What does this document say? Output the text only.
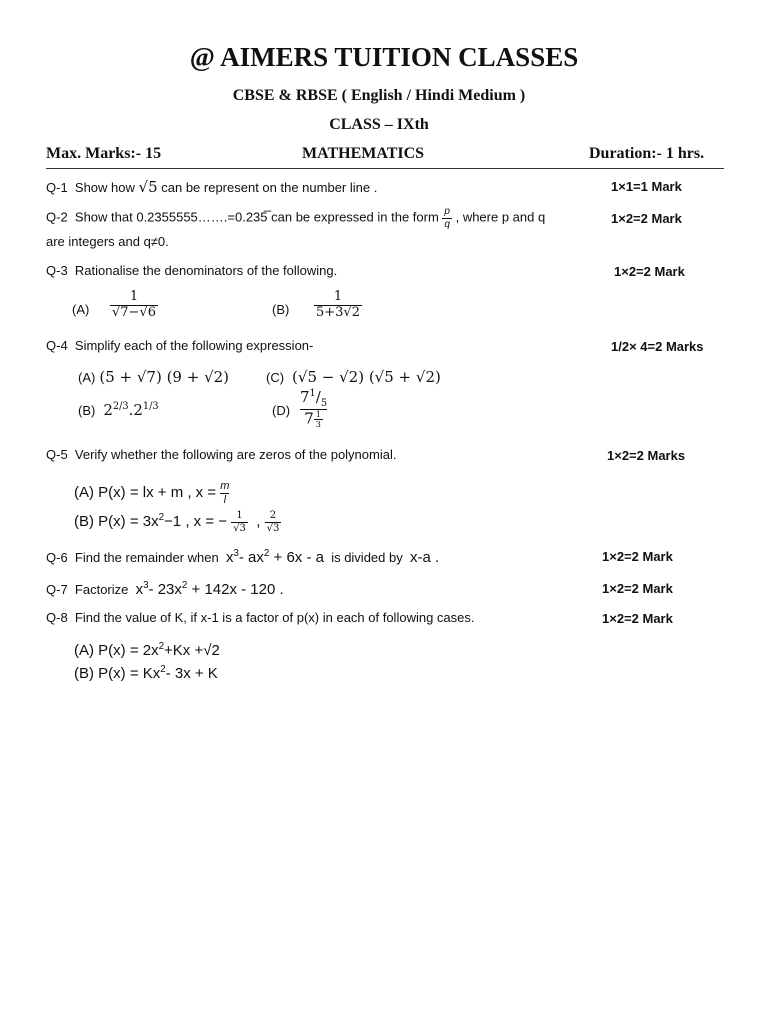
@ AIMERS TUITION CLASSES
CBSE & RBSE ( English / Hindi Medium )
CLASS – IXth
Max. Marks:- 15	MATHEMATICS	Duration:- 1 hrs.
Q-1 Show how √5 can be represent on the number line .	1×1=1 Mark
Q-2 Show that 0.2355555…….=0.235̅ can be expressed in the form $\frac{p}{q}$ , where p and q
are integers and q≠0.
1×2=2 Mark
Q-3 Rationalise the denominators of the following.	1×2=2 Mark
$(A) \frac{1}{√7-√6}$	$(B) \frac{1}{5+3√2}$
Q-4 Simplify each of the following expression-	1/2× 4=2 Marks
(A) (5 + √7) (9 + √2)	(C) (√5 − √2) (√5 + √2)
(B) $2^{2/3}.2^{1/3}$	$(D) \frac{7^1/_5}{7 \frac{1}{3}}$
Q-5 Verify whether the following are zeros of the polynomial.	1×2=2 Marks
(A) P(x) = lx + m , $x = \frac{m}{l}$
(B) $P(x) = 3x^2-1$ , x = − $\frac{1}{√3}$ , $\frac{2}{√3}$
Q-6 Find the remainder when $x^3-$ $ax^2 + 6x - a$ is divided by x-a .	1×2=2 Mark
Q-7 Factorize $x^3-$ $23x^2 + 142x - 120$ .	1×2=2 Mark
Q-8 Find the value of K, if x-1 is a factor of p(x) in each of following cases.	1×2=2 Mark
(A) $P(x) = 2x^2+Kx +√2$
(B) $P(x) = Kx^2-$ 3x + K
